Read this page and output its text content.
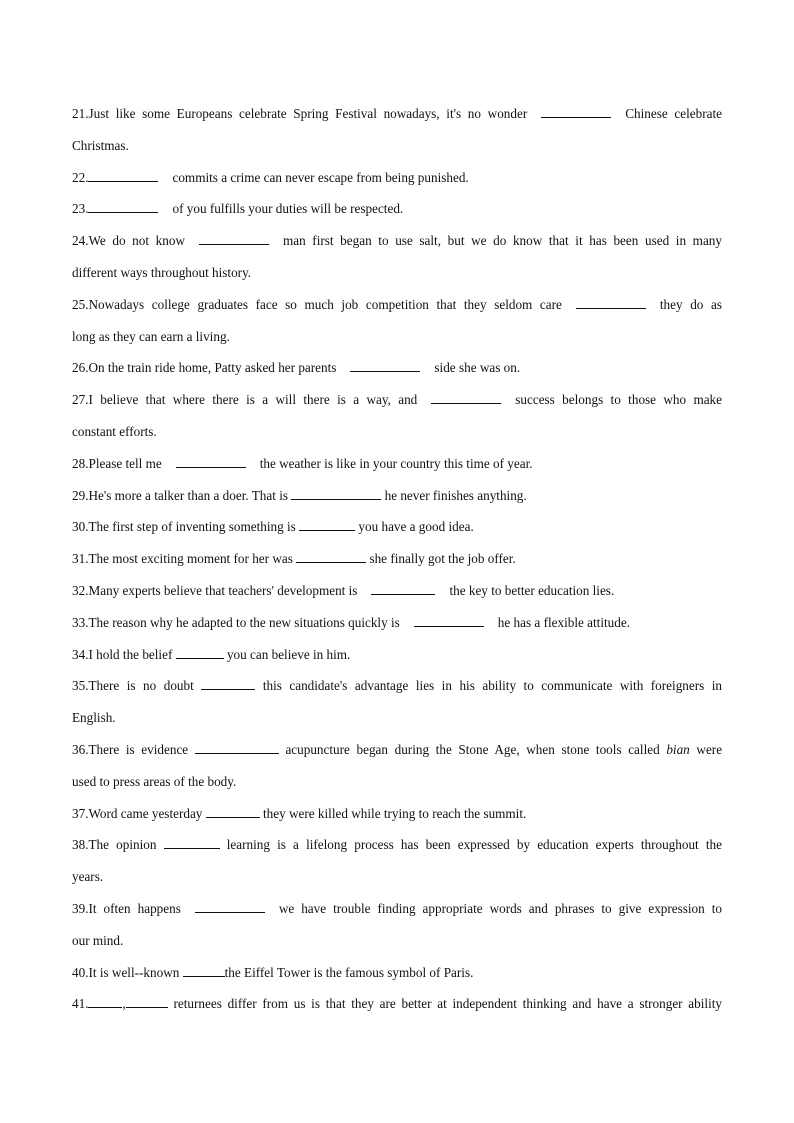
21.Just like some Europeans celebrate Spring Festival nowadays, it's no wonder	Chinese celebrate

Christmas.

22.	commits a crime can never escape from being punished.

23.	of you fulfills your duties will be respected.

24.We do not know	man first began to use salt, but we do know that it has been used in many

different ways throughout history.

25.Nowadays college graduates face so much job competition that they seldom care	they do as

long as they can earn a living.

26.On the train ride home, Patty asked her parents	side she was on.

27.I believe that where there is a will there is a way, and	success belongs to those who make

constant efforts.

28.Please tell me	the weather is like in your country this time of year.

29.He's more a talker than a doer. That is	he never finishes anything.

30.The first step of inventing something is	you have a good idea.

31.The most exciting moment for her was	she finally got the job offer.

32.Many experts believe that teachers' development is	the key to better education lies.

33.The reason why he adapted to the new situations quickly is	he has a flexible attitude.

34.I hold the belief	you can believe in him.

35.There is no doubt	this candidate's advantage lies in his ability to communicate with foreigners in

English.

36.There is evidence	acupuncture began during the Stone Age, when stone tools called bian were

used to press areas of the body.

37.Word came yesterday	they were killed while trying to reach the summit.

38.The opinion	learning is a lifelong process has been expressed by education experts throughout the

years.

39.It often happens	we have trouble finding appropriate words and phrases to give expression to

our mind.

40.It is well--known	the Eiffel Tower is the famous symbol of Paris.

41.	,	returnees differ from us is that they are better at independent thinking and have a stronger ability
